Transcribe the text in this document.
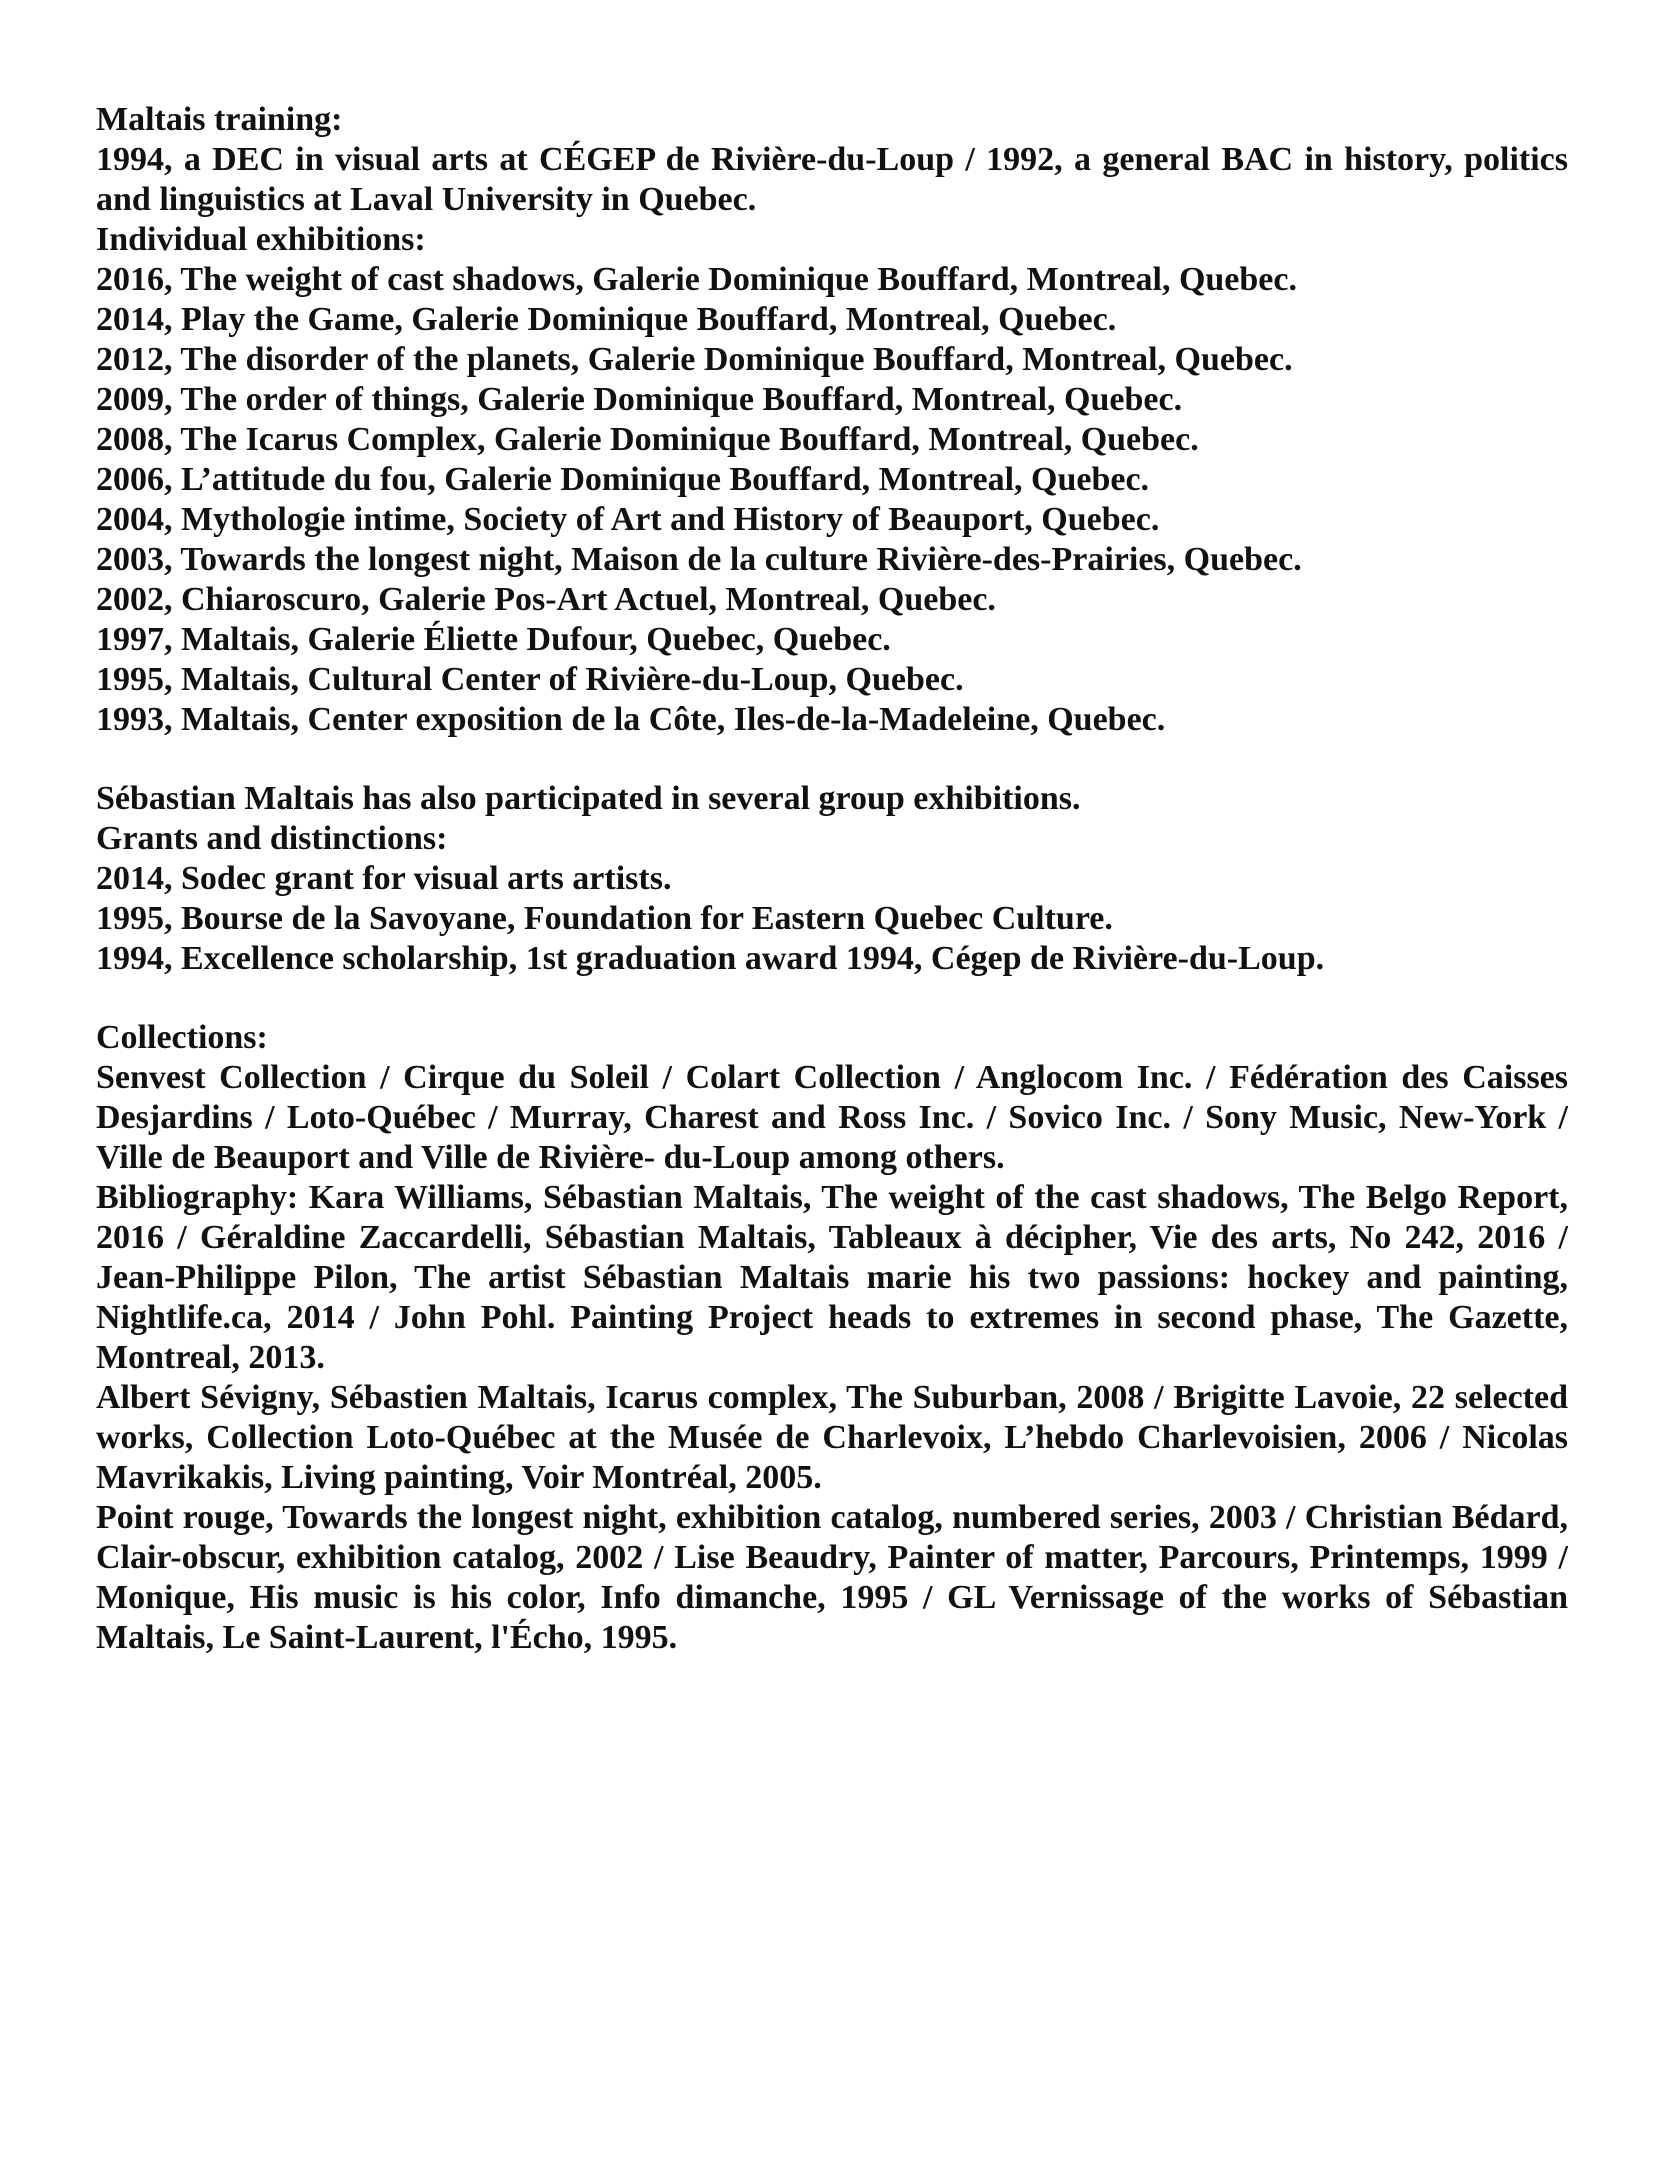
Maltais training:

1994, a DEC in visual arts at CÉGEP de Rivière-du-Loup / 1992, a general BAC in history, politics and linguistics at Laval University in Quebec.

Individual exhibitions:

2016, The weight of cast shadows, Galerie Dominique Bouffard, Montreal, Quebec.

2014, Play the Game, Galerie Dominique Bouffard, Montreal, Quebec.

2012, The disorder of the planets, Galerie Dominique Bouffard, Montreal, Quebec.

2009, The order of things, Galerie Dominique Bouffard, Montreal, Quebec.

2008, The Icarus Complex, Galerie Dominique Bouffard, Montreal, Quebec.

2006, L’attitude du fou, Galerie Dominique Bouffard, Montreal, Quebec.

2004, Mythologie intime, Society of Art and History of Beauport, Quebec.

2003, Towards the longest night, Maison de la culture Rivière-des-Prairies, Quebec.

2002, Chiaroscuro, Galerie Pos-Art Actuel, Montreal, Quebec.

1997, Maltais, Galerie Éliette Dufour, Quebec, Quebec.

1995, Maltais, Cultural Center of Rivière-du-Loup, Quebec.

1993, Maltais, Center exposition de la Côte, Iles-de-la-Madeleine, Quebec.

Sébastian Maltais has also participated in several group exhibitions.

Grants and distinctions:

2014, Sodec grant for visual arts artists.

1995, Bourse de la Savoyane, Foundation for Eastern Quebec Culture.

1994, Excellence scholarship, 1st graduation award 1994, Cégep de Rivière-du-Loup.

Collections:

Senvest Collection / Cirque du Soleil / Colart Collection / Anglocom Inc. / Fédération des Caisses Desjardins / Loto-Québec / Murray, Charest and Ross Inc. / Sovico Inc. / Sony Music, New-York / Ville de Beauport and Ville de Rivière- du-Loup among others.

Bibliography: Kara Williams, Sébastian Maltais, The weight of the cast shadows, The Belgo Report, 2016 / Géraldine Zaccardelli, Sébastian Maltais, Tableaux à décipher, Vie des arts, No 242, 2016 / Jean-Philippe Pilon, The artist Sébastian Maltais marie his two passions: hockey and painting, Nightlife.ca, 2014 / John Pohl. Painting Project heads to extremes in second phase, The Gazette, Montreal, 2013.

Albert Sévigny, Sébastien Maltais, Icarus complex, The Suburban, 2008 / Brigitte Lavoie, 22 selected works, Collection Loto-Québec at the Musée de Charlevoix, L’hebdo Charlevoisien, 2006 / Nicolas Mavrikakis, Living painting, Voir Montréal, 2005.

Point rouge, Towards the longest night, exhibition catalog, numbered series, 2003 / Christian Bédard, Clair-obscur, exhibition catalog, 2002 / Lise Beaudry, Painter of matter, Parcours, Printemps, 1999 / Monique, His music is his color, Info dimanche, 1995 / GL Vernissage of the works of Sébastian Maltais, Le Saint-Laurent, l'Écho, 1995.
